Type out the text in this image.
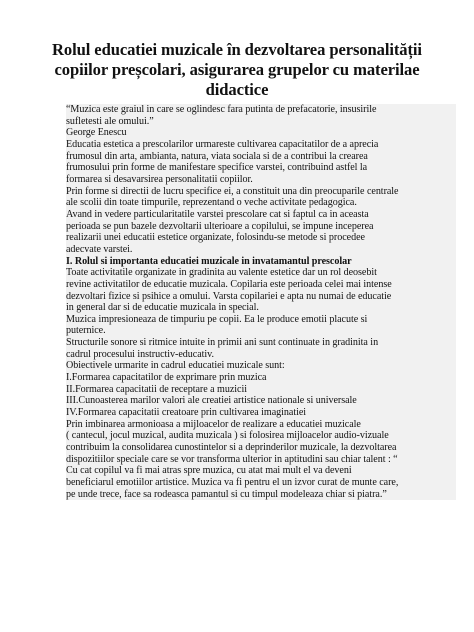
Rolul educatiei muzicale în dezvoltarea personalității
copiilor preșcolari, asigurarea grupelor cu materilae
didactice
“Muzica este graiul in care se oglindesc fara putinta de prefacatorie, insusirile
sufletesti ale omului.”
George Enescu
Educatia estetica a prescolarilor urmareste cultivarea capacitatilor de a aprecia
frumosul din arta, ambianta, natura, viata sociala si de a contribui la crearea
frumosului prin forme de manifestare specifice varstei, contribuind astfel la
formarea si desavarsirea personalitatii copiilor.
Prin forme si directii de lucru specifice ei, a constituit una din preocuparile centrale
ale scolii din toate timpurile, reprezentand o veche activitate pedagogica.
Avand in vedere particularitatile varstei prescolare cat si faptul ca in aceasta
perioada se pun bazele dezvoltarii ulterioare a copilului, se impune inceperea
realizarii unei educatii estetice organizate, folosindu-se metode si procedee
adecvate varstei.
I. Rolul si importanta educatiei muzicale in invatamantul prescolar
Toate activitatile organizate in gradinita au valente estetice dar un rol deosebit
revine activitatilor de educatie muzicala. Copilaria este perioada celei mai intense
dezvoltari fizice si psihice a omului. Varsta copilariei e apta nu numai de educatie
in general dar si de educatie muzicala in special.
Muzica impresioneaza de timpuriu pe copii. Ea le produce emotii placute si
puternice.
Structurile sonore si ritmice intuite in primii ani sunt continuate in gradinita in
cadrul procesului instructiv-educativ.
Obiectivele urmarite in cadrul educatiei muzicale sunt:
I.Formarea capacitatilor de exprimare prin muzica
II.Formarea capacitatii de receptare a muzicii
III.Cunoasterea marilor valori ale creatiei artistice nationale si universale
IV.Formarea capacitatii creatoare prin cultivarea imaginatiei
Prin imbinarea armonioasa a mijloacelor de realizare a educatiei muzicale
( cantecul, jocul muzical, audita muzicala ) si folosirea mijloacelor audio-vizuale
contribuim la consolidarea cunostintelor si a deprinderilor muzicale, la dezvoltarea
dispozitiilor speciale care se vor transforma ulterior in aptitudini sau chiar talent : “
Cu cat copilul va fi mai atras spre muzica, cu atat mai mult el va deveni
beneficiarul emotiilor artistice. Muzica va fi pentru el un izvor curat de munte care,
pe unde trece, face sa rodeasca pamantul si cu timpul modeleaza chiar si piatra.”
